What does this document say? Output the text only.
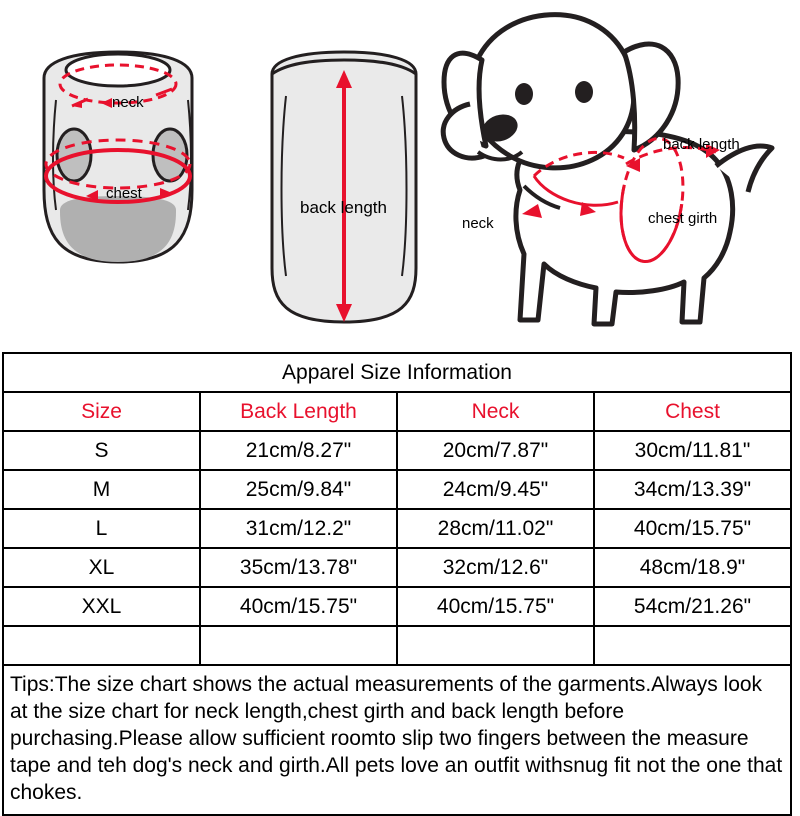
neck
chest
back length
back length
neck	chest girth
Apparel Size Information			
Size	Back Length	Neck	Chest
S	21cm/8.27"	20cm/7.87"	30cm/11.81"
M	25cm/9.84"	24cm/9.45"	34cm/13.39"
L	31cm/12.2"	28cm/11.02"	40cm/15.75"
XL	35cm/13.78"	32cm/12.6"	48cm/18.9"
XXL	40cm/15.75"	40cm/15.75"	54cm/21.26"

Tips:The size chart shows the actual measurements of the garments.Always look at the size chart for neck length,chest girth and back length before purchasing.Please allow sufficient roomto slip two fingers between the measure tape and teh dog's neck and girth.All pets love an outfit withsnug fit not the one that chokes.			
